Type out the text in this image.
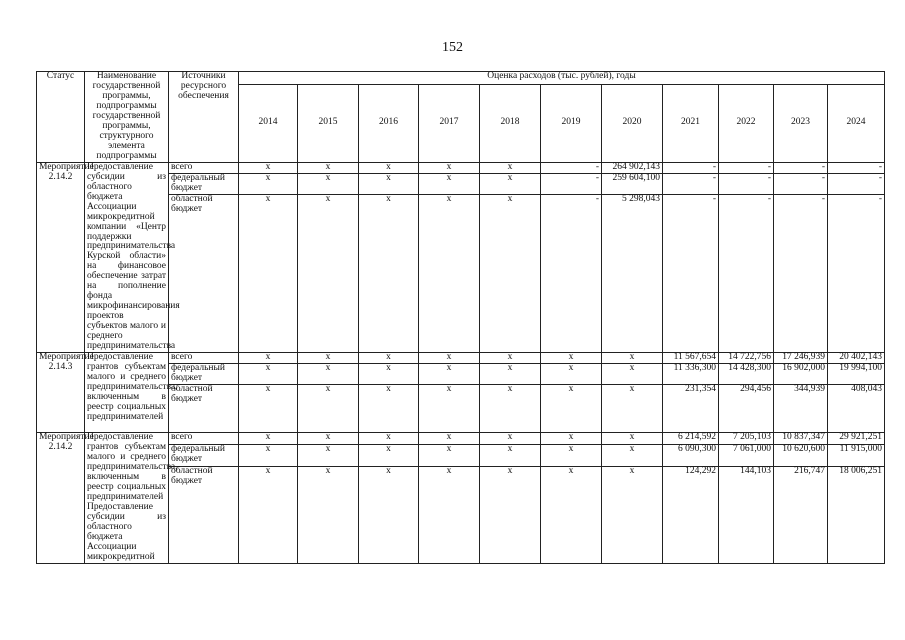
152
Статус	Наименование государственной программы, подпрограммы государственной программы, структурного элемента подпрограммы	Источники ресурсного обеспечения	Оценка расходов (тыс. рублей), годы										
			2014	2015	2016	2017	2018	2019	2020	2021	2022	2023	2024
Мероприятие 2.14.2	Предоставление субсидии из областного бюджета Ассоциации микрокредитной компании «Центр поддержки предпринимательства Курской области» на финансовое обеспечение затрат на пополнение фонда микрофинансирования проектов субъектов малого и среднего предпринимательства	всего	x	x	x	x	x	-	264 902,143	-	-	-	-
		федеральный бюджет	x	x	x	x	x	-	259 604,100	-	-	-	-
		областной бюджет	x	x	x	x	x	-	5 298,043	-	-	-	-
Мероприятие 2.14.3	Предоставление грантов субъектам малого и среднего предпринимательства, включенным в реестр социальных предпринимателей	всего	x	x	x	x	x	x	x	11 567,654	14 722,756	17 246,939	20 402,143
		федеральный бюджет	x	x	x	x	x	x	x	11 336,300	14 428,300	16 902,000	19 994,100
		областной бюджет	x	x	x	x	x	x	x	231,354	294,456	344,939	408,043
Мероприятие 2.14.2	Предоставление грантов субъектам малого и среднего предпринимательства, включенным в реестр социальных предпринимателей Предоставление субсидии из областного бюджета Ассоциации микрокредитной	всего	x	x	x	x	x	x	x	6 214,592	7 205,103	10 837,347	29 921,251
		федеральный бюджет	x	x	x	x	x	x	x	6 090,300	7 061,000	10 620,600	11 915,000
		областной бюджет	x	x	x	x	x	x	x	124,292	144,103	216,747	18 006,251
